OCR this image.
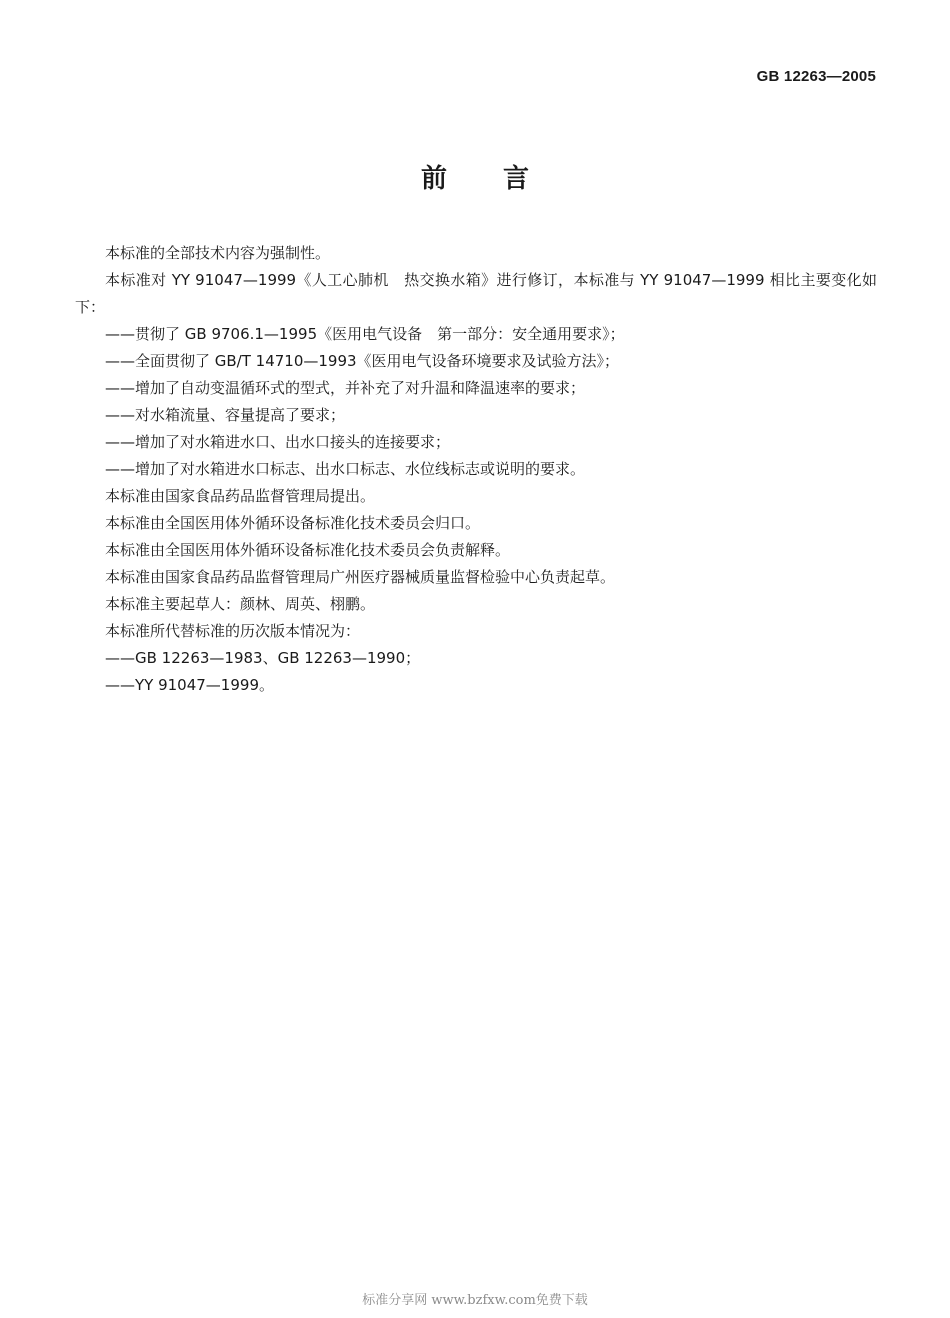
GB 12263—2005
前言

本标准的全部技术内容为强制性。

本标准对 YY 91047—1999《人工心肺机　热交换水箱》进行修订，本标准与 YY 91047—1999 相比主要变化如下：

——贯彻了 GB 9706.1—1995《医用电气设备　第一部分：安全通用要求》；

——全面贯彻了 GB/T 14710—1993《医用电气设备环境要求及试验方法》；

——增加了自动变温循环式的型式，并补充了对升温和降温速率的要求；

——对水箱流量、容量提高了要求；

——增加了对水箱进水口、出水口接头的连接要求；

——增加了对水箱进水口标志、出水口标志、水位线标志或说明的要求。

本标准由国家食品药品监督管理局提出。

本标准由全国医用体外循环设备标准化技术委员会归口。

本标准由全国医用体外循环设备标准化技术委员会负责解释。

本标准由国家食品药品监督管理局广州医疗器械质量监督检验中心负责起草。

本标准主要起草人：颜林、周英、栩鹏。

本标准所代替标准的历次版本情况为：

——GB 12263—1983、GB 12263—1990；

——YY 91047—1999。

标准分享网 www.bzfxw.com免费下载
